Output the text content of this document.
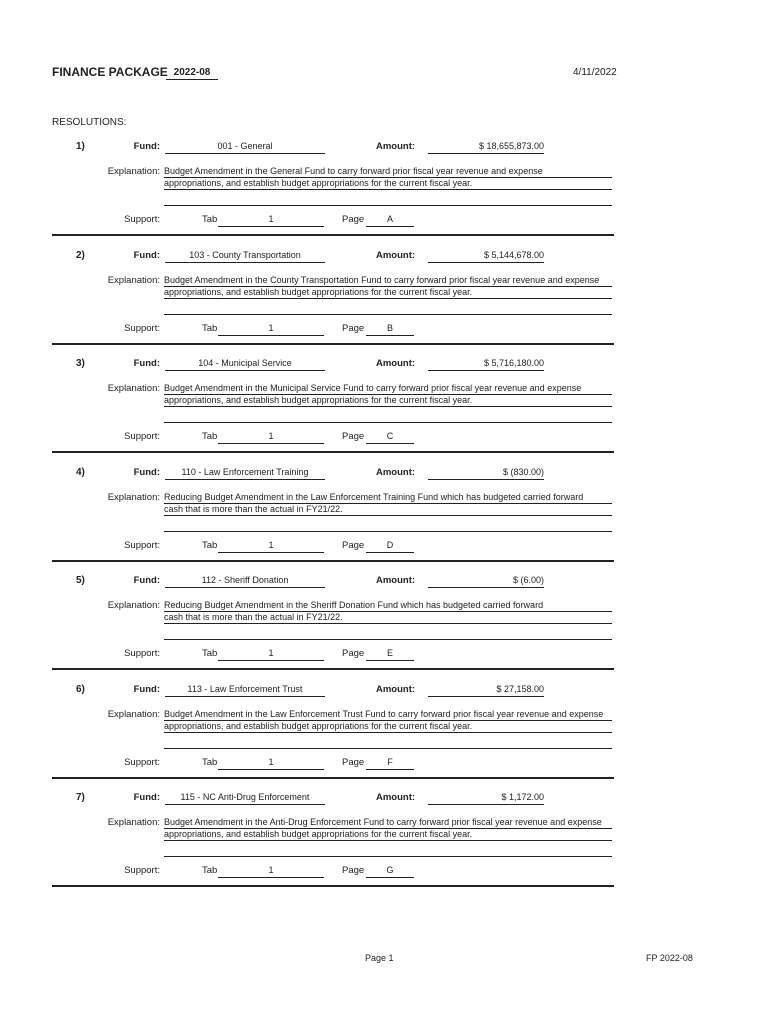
FINANCE PACKAGE 2022-08	4/11/2022
RESOLUTIONS:
1)	Fund:	001 - General	Amount:	$ 18,655,873.00
Explanation: Budget Amendment in the General Fund to carry forward prior fiscal year revenue and expense
appropriations, and establish budget appropriations for the current fiscal year.
Support:	Tab	1	Page	A
2)	Fund:	103 - County Transportation	Amount:	$ 5,144,678.00
Explanation: Budget Amendment in the County Transportation Fund to carry forward prior fiscal year revenue and expense
appropriations, and establish budget appropriations for the current fiscal year.
Support:	Tab	1	Page	B
3)	Fund:	104 - Municipal Service	Amount:	$ 5,716,180.00
Explanation: Budget Amendment in the Municipal Service Fund to carry forward prior fiscal year revenue and expense
appropriations, and establish budget appropriations for the current fiscal year.
Support:	Tab	1	Page	C
4)	Fund:	110 - Law Enforcement Training	Amount:	$ (830.00)
Explanation: Reducing Budget Amendment in the Law Enforcement Training Fund which has budgeted carried forward
cash that is more than the actual in FY21/22.
Support:	Tab	1	Page	D
5)	Fund:	112 - Sheriff Donation	Amount:	$ (6.00)
Explanation: Reducing Budget Amendment in the Sheriff Donation Fund which has budgeted carried forward
cash that is more than the actual in FY21/22.
Support:	Tab	1	Page	E
6)	Fund:	113 - Law Enforcement Trust	Amount:	$ 27,158.00
Explanation: Budget Amendment in the Law Enforcement Trust Fund to carry forward prior fiscal year revenue and expense
appropriations, and establish budget appropriations for the current fiscal year.
Support:	Tab	1	Page	F
7)	Fund:	115 - NC Anti-Drug Enforcement	Amount:	$ 1,172.00
Explanation: Budget Amendment in the Anti-Drug Enforcement Fund to carry forward prior fiscal year revenue and expense
appropriations, and establish budget appropriations for the current fiscal year.
Support:	Tab	1	Page	G
Page 1	FP 2022-08
